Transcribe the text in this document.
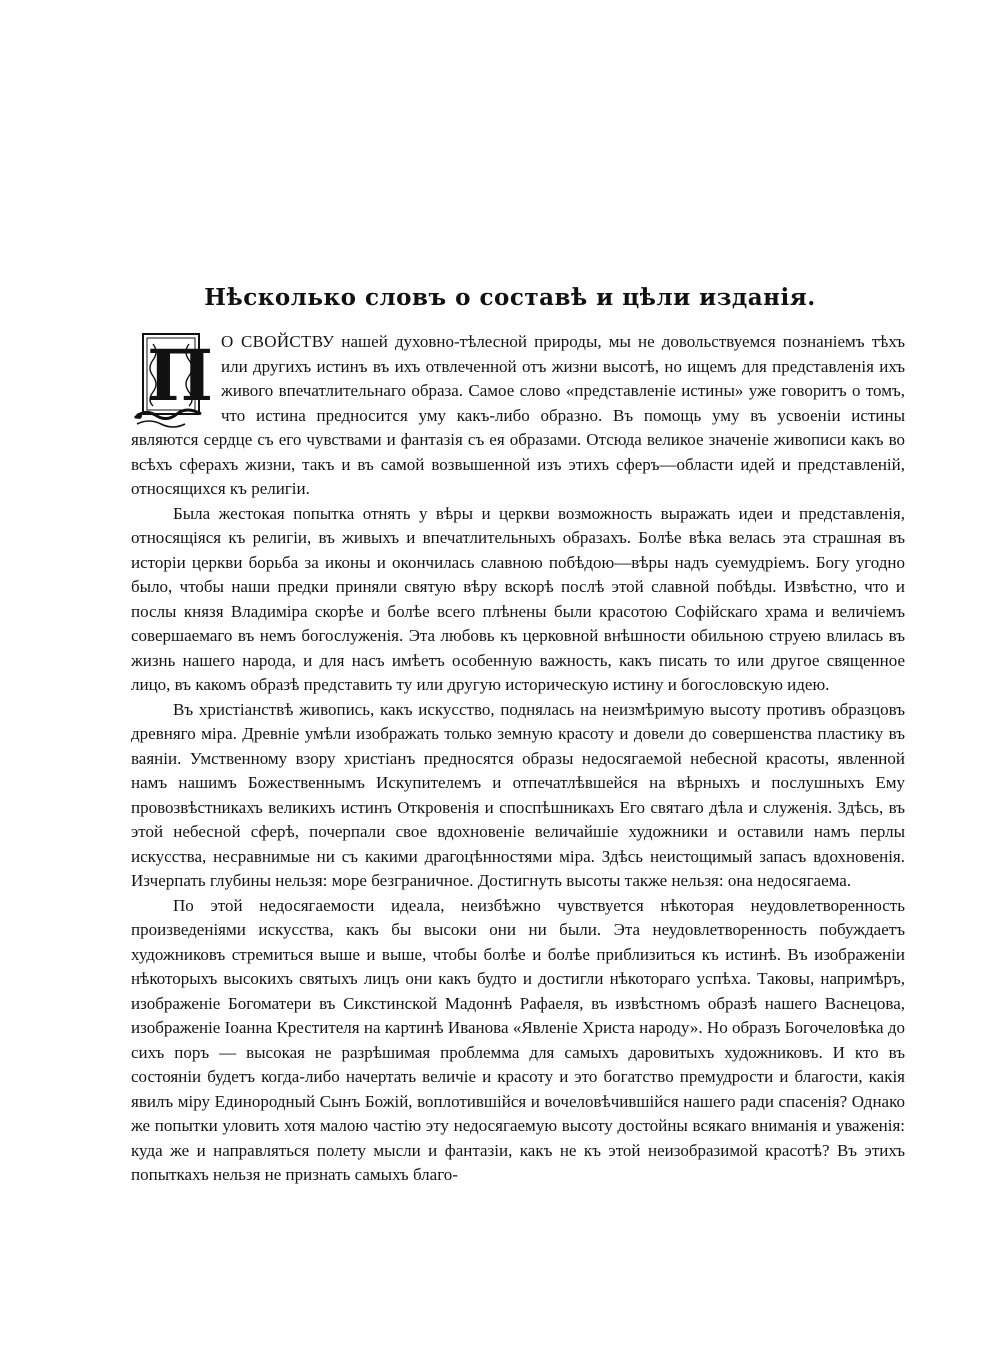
Нѣсколько словъ о составѣ и цѣли изданія.

П О СВОЙСТВУ нашей духовно-тѣлесной природы, мы не довольствуемся познаніемъ тѣхъ или другихъ истинъ въ ихъ отвлеченной отъ жизни высотѣ, но ищемъ для представленія ихъ живого впечатлительнаго образа. Самое слово «представленіе истины» уже говоритъ о томъ, что истина предносится уму какъ-либо образно. Въ помощь уму въ усвоеніи истины являются сердце съ его чувствами и фантазія съ ея образами. Отсюда великое значеніе живописи какъ во всѣхъ сферахъ жизни, такъ и въ самой возвышенной изъ этихъ сферъ—области идей и представленій, относящихся къ религіи.

Была жестокая попытка отнять у вѣры и церкви возможность выражать идеи и представленія, относящіяся къ религіи, въ живыхъ и впечатлительныхъ образахъ. Болѣе вѣка велась эта страшная въ исторіи церкви борьба за иконы и окончилась славною побѣдою—вѣры надъ суемудріемъ. Богу угодно было, чтобы наши предки приняли святую вѣру вскорѣ послѣ этой славной побѣды. Извѣстно, что и послы князя Владиміра скорѣе и болѣе всего плѣнены были красотою Софійскаго храма и величіемъ совершаемаго въ немъ богослуженія. Эта любовь къ церковной внѣшности обильною струею влилась въ жизнь нашего народа, и для насъ имѣетъ особенную важность, какъ писать то или другое священное лицо, въ какомъ образѣ представить ту или другую историческую истину и богословскую идею.

Въ христіанствѣ живопись, какъ искусство, поднялась на неизмѣримую высоту противъ образцовъ древняго міра. Древніе умѣли изображать только земную красоту и довели до совершенства пластику въ ваяніи. Умственному взору христіанъ предносятся образы недосягаемой небесной красоты, явленной намъ нашимъ Божественнымъ Искупителемъ и отпечатлѣвшейся на вѣрныхъ и послушныхъ Ему провозвѣстникахъ великихъ истинъ Откровенія и споспѣшникахъ Его святаго дѣла и служенія. Здѣсь, въ этой небесной сферѣ, почерпали свое вдохновеніе величайшіе художники и оставили намъ перлы искусства, несравнимые ни съ какими драгоцѣнностями міра. Здѣсь неистощимый запасъ вдохновенія. Изчерпать глубины нельзя: море безграничное. Достигнуть высоты также нельзя: она недосягаема.

По этой недосягаемости идеала, неизбѣжно чувствуется нѣкоторая неудовлетворенность произведеніями искусства, какъ бы высоки они ни были. Эта неудовлетворенность побуждаетъ художниковъ стремиться выше и выше, чтобы болѣе и болѣе приблизиться къ истинѣ. Въ изображеніи нѣкоторыхъ высокихъ святыхъ лицъ они какъ будто и достигли нѣкотораго успѣха. Таковы, напримѣръ, изображеніе Богоматери въ Сикстинской Мадоннѣ Рафаеля, въ извѣстномъ образѣ нашего Васнецова, изображеніе Іоанна Крестителя на картинѣ Иванова «Явленіе Христа народу». Но образъ Богочеловѣка до сихъ поръ — высокая не разрѣшимая проблемма для самыхъ даровитыхъ художниковъ. И кто въ состояніи будетъ когда-либо начертать величіе и красоту и это богатство премудрости и благости, какія явилъ міру Единородный Сынъ Божій, воплотившійся и вочеловѣчившійся нашего ради спасенія? Однако же попытки уловить хотя малою частію эту недосягаемую высоту достойны всякаго вниманія и уваженія: куда же и направляться полету мысли и фантазіи, какъ не къ этой неизобразимой красотѣ? Въ этихъ попыткахъ нельзя не признать самыхъ благо-
